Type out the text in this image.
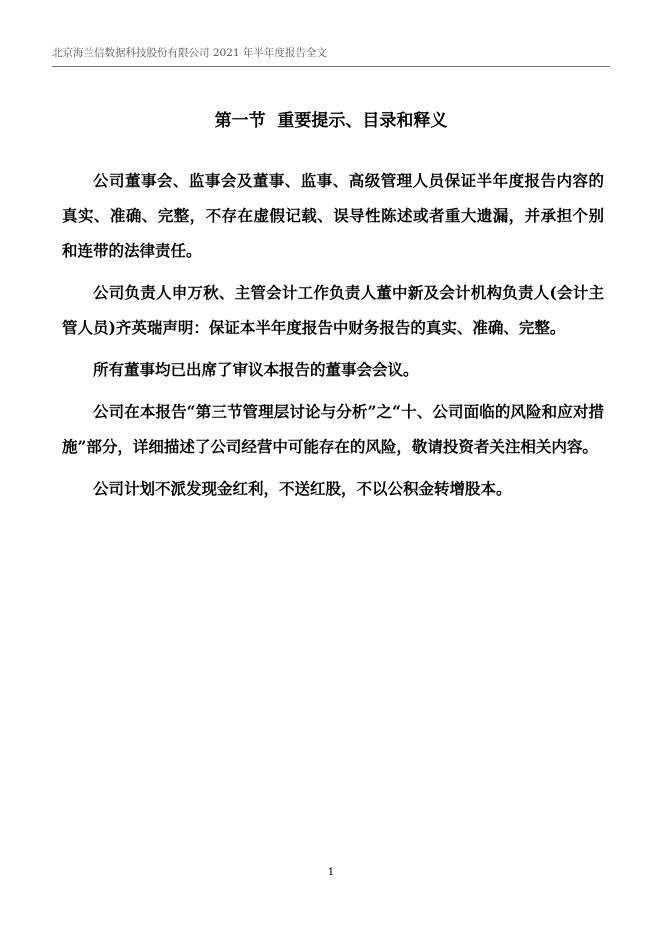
北京海兰信数据科技股份有限公司 2021 年半年度报告全文
第一节  重要提示、目录和释义

公司董事会、监事会及董事、监事、高级管理人员保证半年度报告内容的真实、准确、完整，不存在虚假记载、误导性陈述或者重大遗漏，并承担个别和连带的法律责任。

公司负责人申万秋、主管会计工作负责人董中新及会计机构负责人(会计主管人员)齐英瑞声明：保证本半年度报告中财务报告的真实、准确、完整。

所有董事均已出席了审议本报告的董事会会议。

公司在本报告“第三节管理层讨论与分析”之“十、公司面临的风险和应对措施”部分，详细描述了公司经营中可能存在的风险，敬请投资者关注相关内容。

公司计划不派发现金红利，不送红股，不以公积金转增股本。

1
